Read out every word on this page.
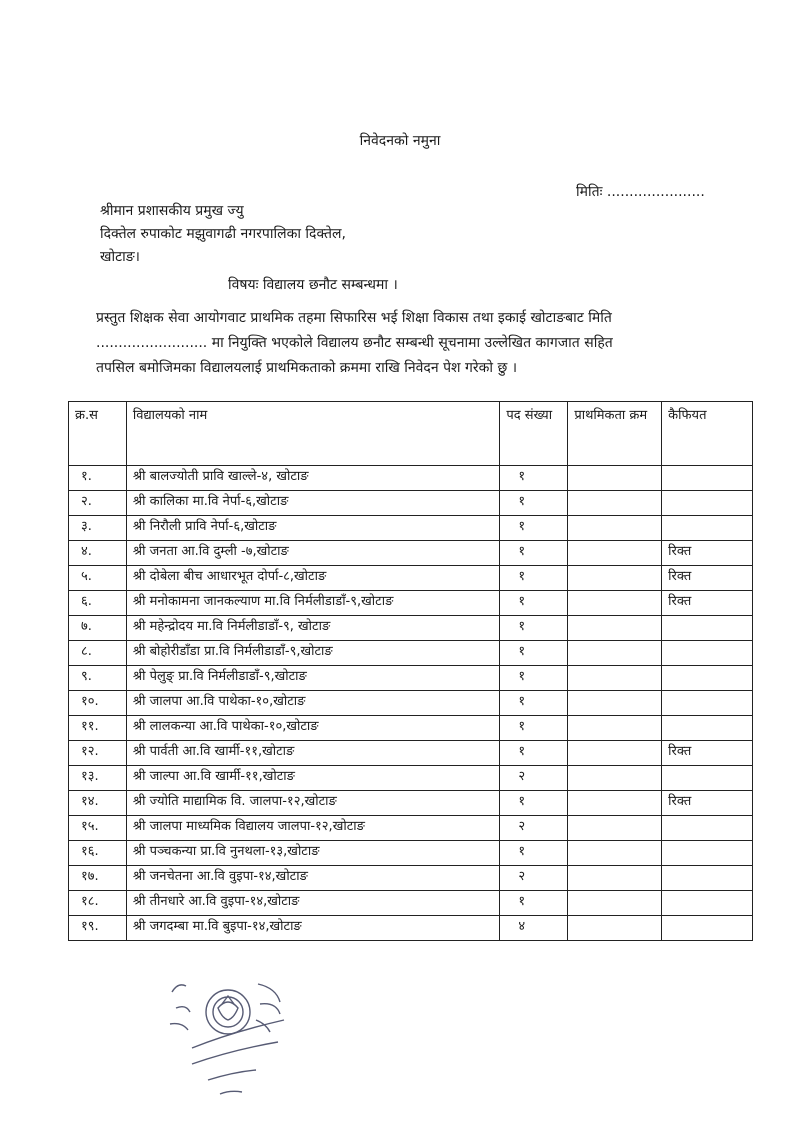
निवेदनको नमुना
मितिः ......................
श्रीमान प्रशासकीय प्रमुख ज्यु
दिक्तेल रुपाकोट मझुवागढी नगरपालिका दिक्तेल,
खोटाङ।
विषयः विद्यालय छनौट सम्बन्धमा ।
प्रस्तुत शिक्षक सेवा आयोगवाट प्राथमिक तहमा सिफारिस भई शिक्षा विकास तथा इकाई खोटाङबाट मिति
......................... मा नियुक्ति भएकोले विद्यालय छनौट सम्बन्धी सूचनामा उल्लेखित कागजात सहित
तपसिल बमोजिमका विद्यालयलाई प्राथमिकताको क्रममा राखि निवेदन पेश गरेको छु ।
क्र.स	विद्यालयको नाम	पद संख्या	प्राथमिकता क्रम	कैफियत
१.	श्री बालज्योती प्रावि खाल्ले-४, खोटाङ	१		
२.	श्री कालिका मा.वि नेर्पा-६,खोटाङ	१		
३.	श्री निरौली प्रावि नेर्पा-६,खोटाङ	१		
४.	श्री जनता आ.वि दुम्ली -७,खोटाङ	१		रिक्त
५.	श्री दोबेला बीच आधारभूत दोर्पा-८,खोटाङ	१		रिक्त
६.	श्री मनोकामना जानकल्याण मा.वि निर्मलीडाडाँ-९,खोटाङ	१		रिक्त
७.	श्री महेन्द्रोदय मा.वि निर्मलीडाडाँ-९, खोटाङ	१		
८.	श्री बोहोरीडाँडा प्रा.वि निर्मलीडाडाँ-९,खोटाङ	१		
९.	श्री पेलुङ् प्रा.वि निर्मलीडाडाँ-९,खोटाङ	१		
१०.	श्री जालपा आ.वि पाथेका-१०,खोटाङ	१		
११.	श्री लालकन्या आ.वि पाथेका-१०,खोटाङ	१		
१२.	श्री पार्वती आ.वि खार्मी-११,खोटाङ	१		रिक्त
१३.	श्री जाल्पा आ.वि खार्मी-११,खोटाङ	२		
१४.	श्री ज्योति माद्यामिक वि. जालपा-१२,खोटाङ	१		रिक्त
१५.	श्री जालपा माध्यमिक विद्यालय जालपा-१२,खोटाङ	२		
१६.	श्री पञ्चकन्या प्रा.वि नुनथला-१३,खोटाङ	१		
१७.	श्री जनचेतना आ.वि वुइपा-१४,खोटाङ	२		
१८.	श्री तीनधारे आ.वि वुइपा-१४,खोटाङ	१		
१९.	श्री जगदम्बा मा.वि बुइपा-१४,खोटाङ	४		
